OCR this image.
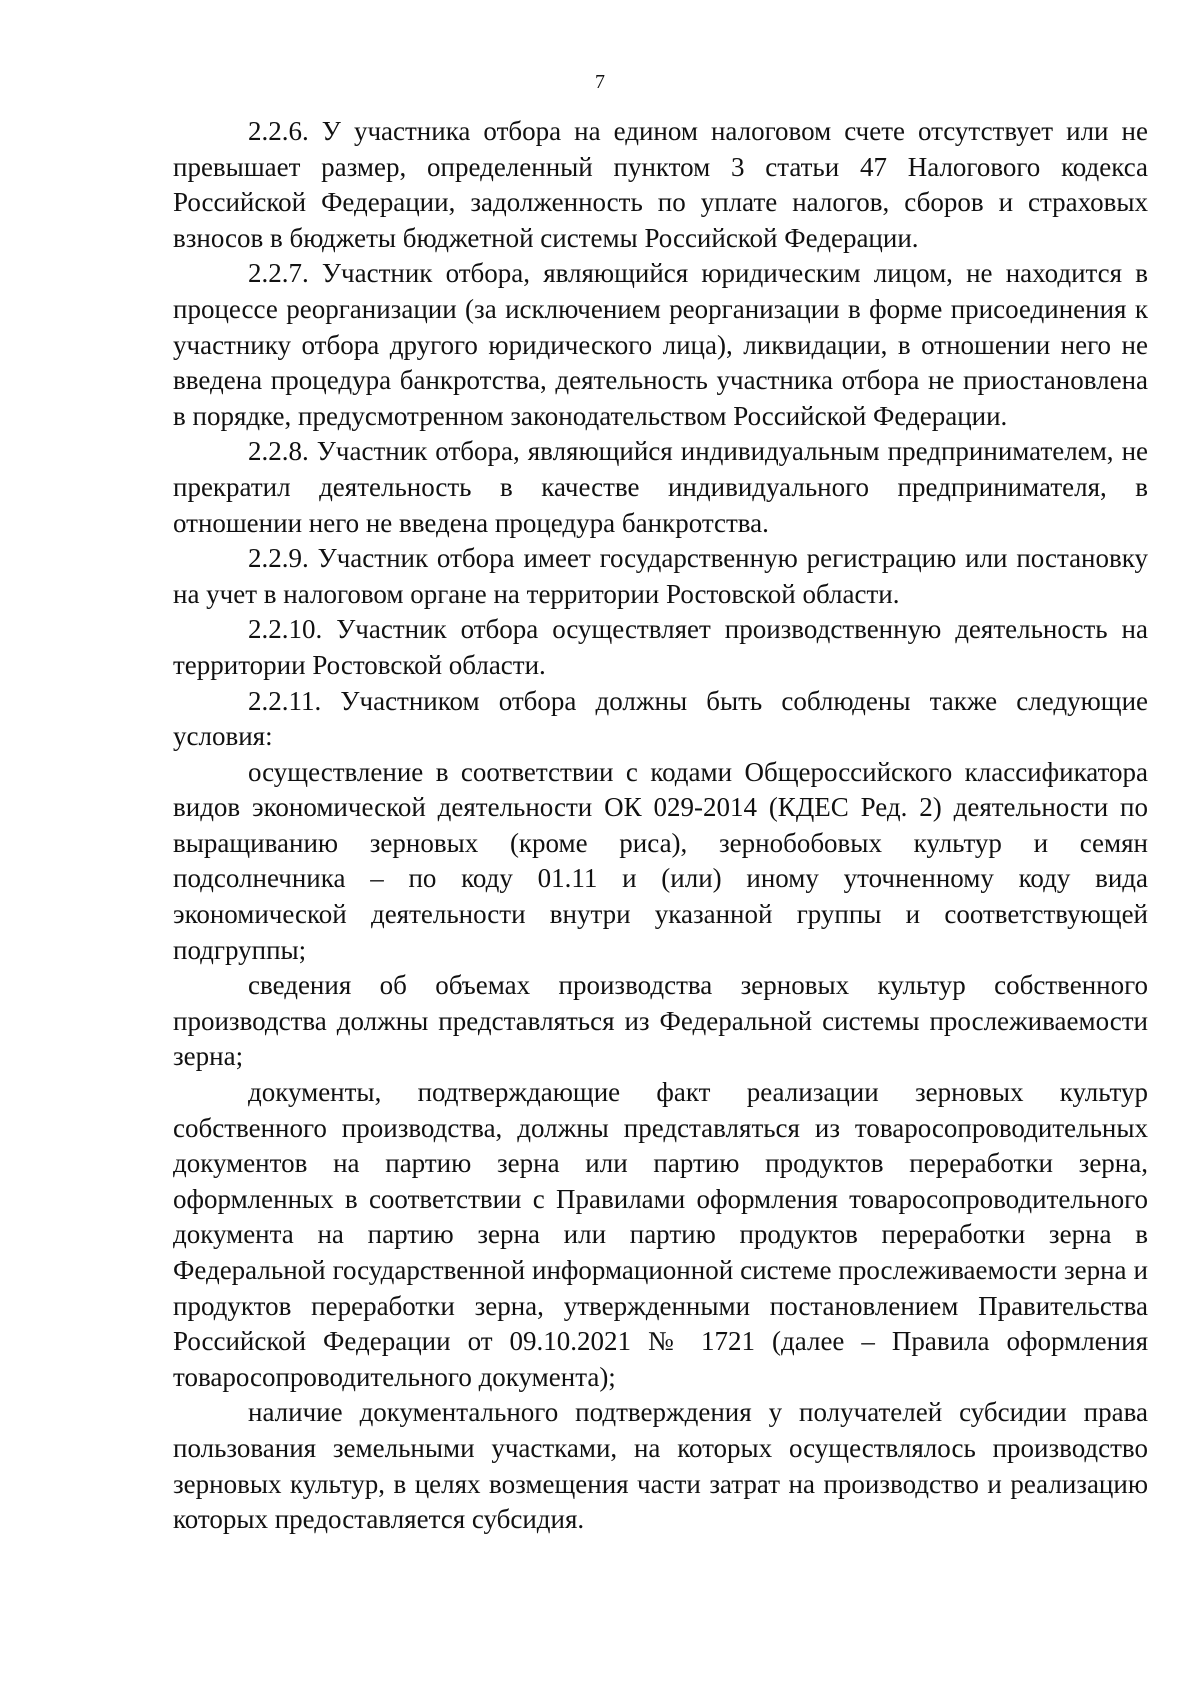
7

2.2.6. У участника отбора на едином налоговом счете отсутствует или не превышает размер, определенный пунктом 3 статьи 47 Налогового кодекса Российской Федерации, задолженность по уплате налогов, сборов и страховых взносов в бюджеты бюджетной системы Российской Федерации.

2.2.7. Участник отбора, являющийся юридическим лицом, не находится в процессе реорганизации (за исключением реорганизации в форме присоединения к участнику отбора другого юридического лица), ликвидации, в отношении него не введена процедура банкротства, деятельность участника отбора не приостановлена в порядке, предусмотренном законодательством Российской Федерации.

2.2.8. Участник отбора, являющийся индивидуальным предпринимателем, не прекратил деятельность в качестве индивидуального предпринимателя, в отношении него не введена процедура банкротства.

2.2.9. Участник отбора имеет государственную регистрацию или постановку на учет в налоговом органе на территории Ростовской области.

2.2.10. Участник отбора осуществляет производственную деятельность на территории Ростовской области.

2.2.11. Участником отбора должны быть соблюдены также следующие условия:

осуществление в соответствии с кодами Общероссийского классификатора видов экономической деятельности ОК 029-2014 (КДЕС Ред. 2) деятельности по выращиванию зерновых (кроме риса), зернобобовых культур и семян подсолнечника – по коду 01.11 и (или) иному уточненному коду вида экономической деятельности внутри указанной группы и соответствующей подгруппы;

сведения об объемах производства зерновых культур собственного производства должны представляться из Федеральной системы прослеживаемости зерна;

документы, подтверждающие факт реализации зерновых культур собственного производства, должны представляться из товаросопроводительных документов на партию зерна или партию продуктов переработки зерна, оформленных в соответствии с Правилами оформления товаросопроводительного документа на партию зерна или партию продуктов переработки зерна в Федеральной государственной информационной системе прослеживаемости зерна и продуктов переработки зерна, утвержденными постановлением Правительства Российской Федерации от 09.10.2021 № 1721 (далее – Правила оформления товаросопроводительного документа);

наличие документального подтверждения у получателей субсидии права пользования земельными участками, на которых осуществлялось производство зерновых культур, в целях возмещения части затрат на производство и реализацию которых предоставляется субсидия.
